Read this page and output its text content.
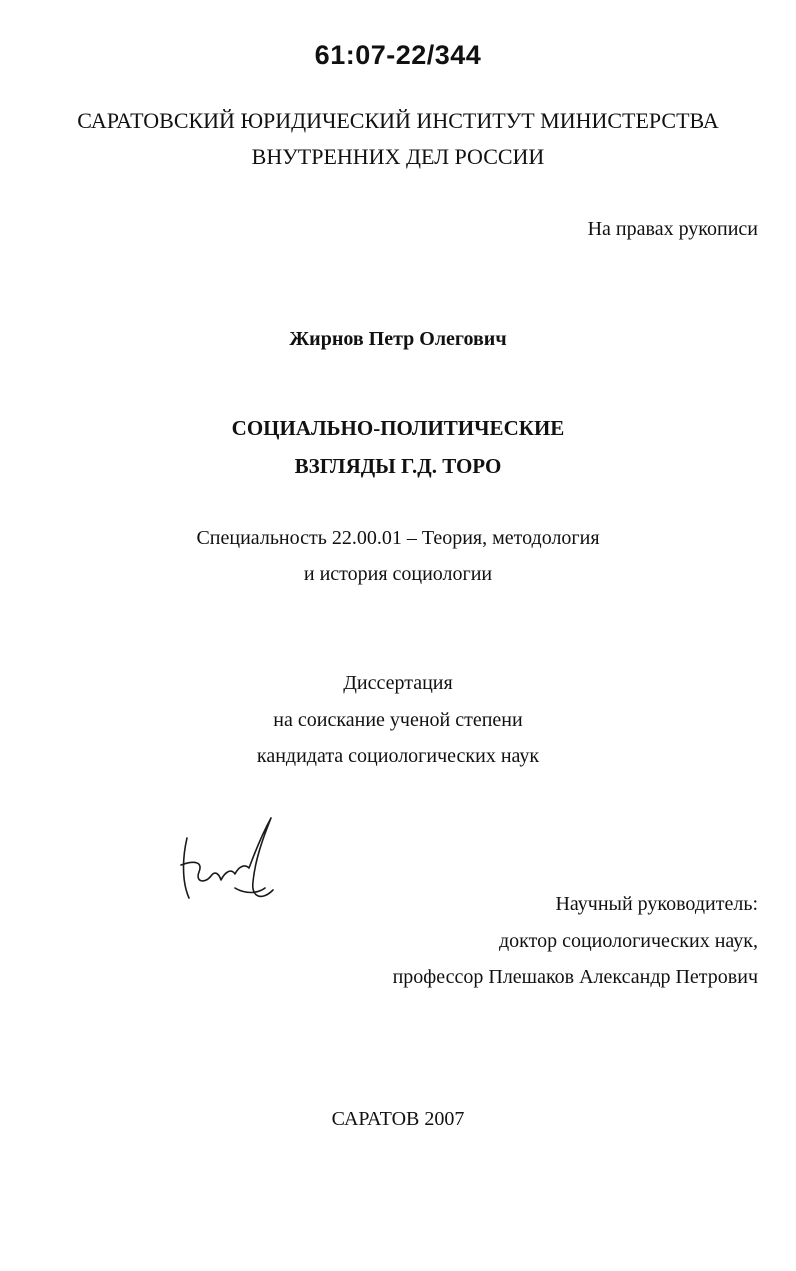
61:07-22/344
САРАТОВСКИЙ ЮРИДИЧЕСКИЙ ИНСТИТУТ МИНИСТЕРСТВА
ВНУТРЕННИХ ДЕЛ РОССИИ
На правах рукописи
Жирнов Петр Олегович
СОЦИАЛЬНО-ПОЛИТИЧЕСКИЕ
ВЗГЛЯДЫ Г.Д. ТОРО
Специальность 22.00.01 – Теория, методология
и история социологии
Диссертация
на соискание ученой степени
кандидата социологических наук
Научный руководитель:
доктор социологических наук,
профессор Плешаков Александр Петрович
САРАТОВ 2007
